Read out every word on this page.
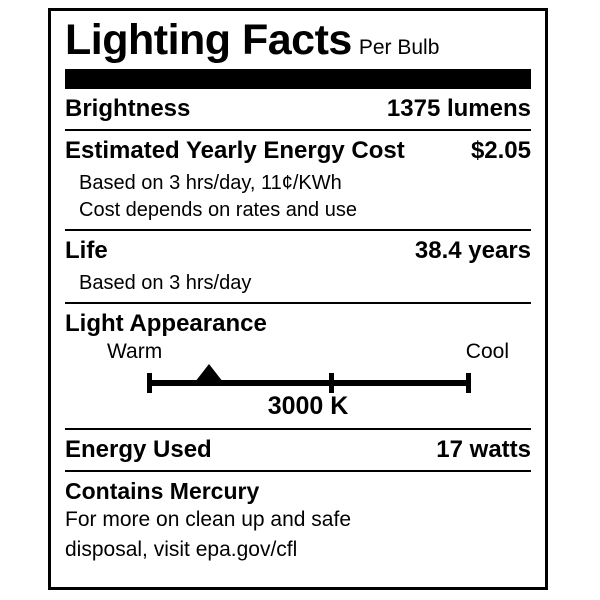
Lighting Facts Per Bulb
Brightness	1375 lumens
Estimated Yearly Energy Cost	$2.05
Based on 3 hrs/day, 11¢/KWh
Cost depends on rates and use
Life	38.4 years
Based on 3 hrs/day
Light Appearance
Warm	Cool
3000 K
Energy Used	17 watts
Contains Mercury
For more on clean up and safe
disposal, visit epa.gov/cfl
